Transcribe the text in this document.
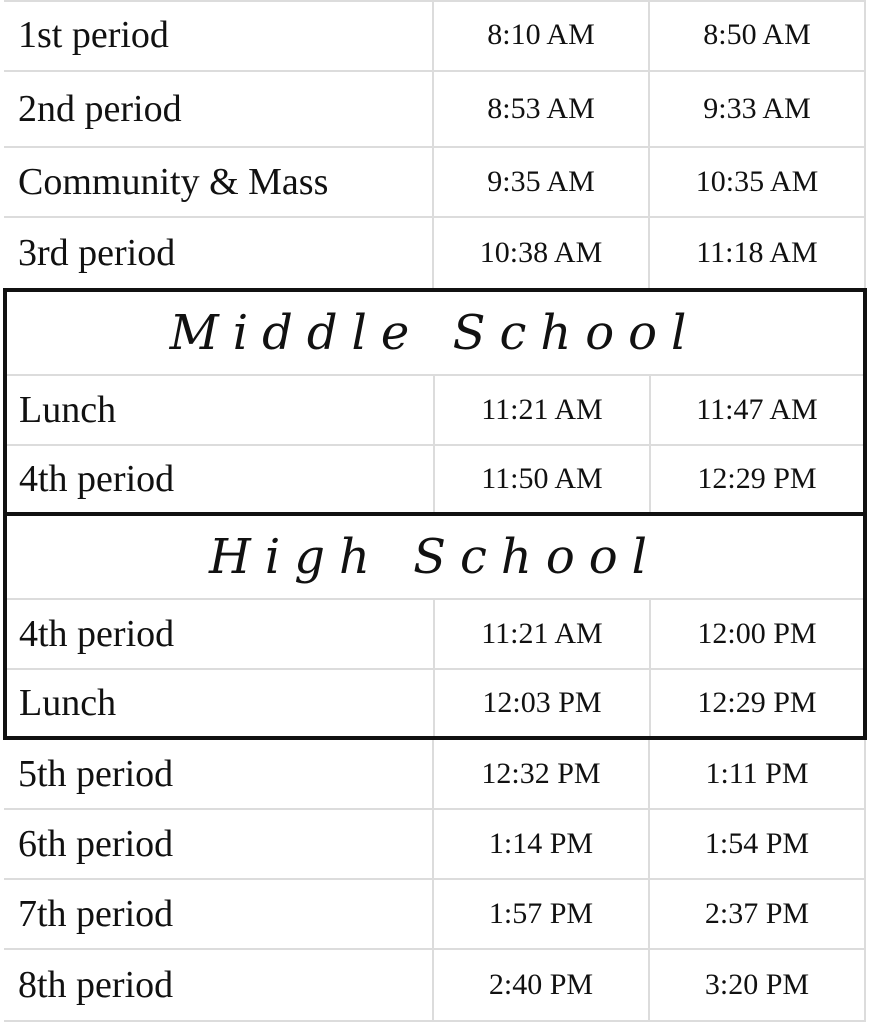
1st period	8:10 AM	8:50 AM
2nd period	8:53 AM	9:33 AM
Community & Mass	9:35 AM	10:35 AM
3rd period	10:38 AM	11:18 AM
Middle School
Lunch	11:21 AM	11:47 AM
4th period	11:50 AM	12:29 PM
High School
4th period	11:21 AM	12:00 PM
Lunch	12:03 PM	12:29 PM
5th period	12:32 PM	1:11 PM
6th period	1:14 PM	1:54 PM
7th period	1:57 PM	2:37 PM
8th period	2:40 PM	3:20 PM
